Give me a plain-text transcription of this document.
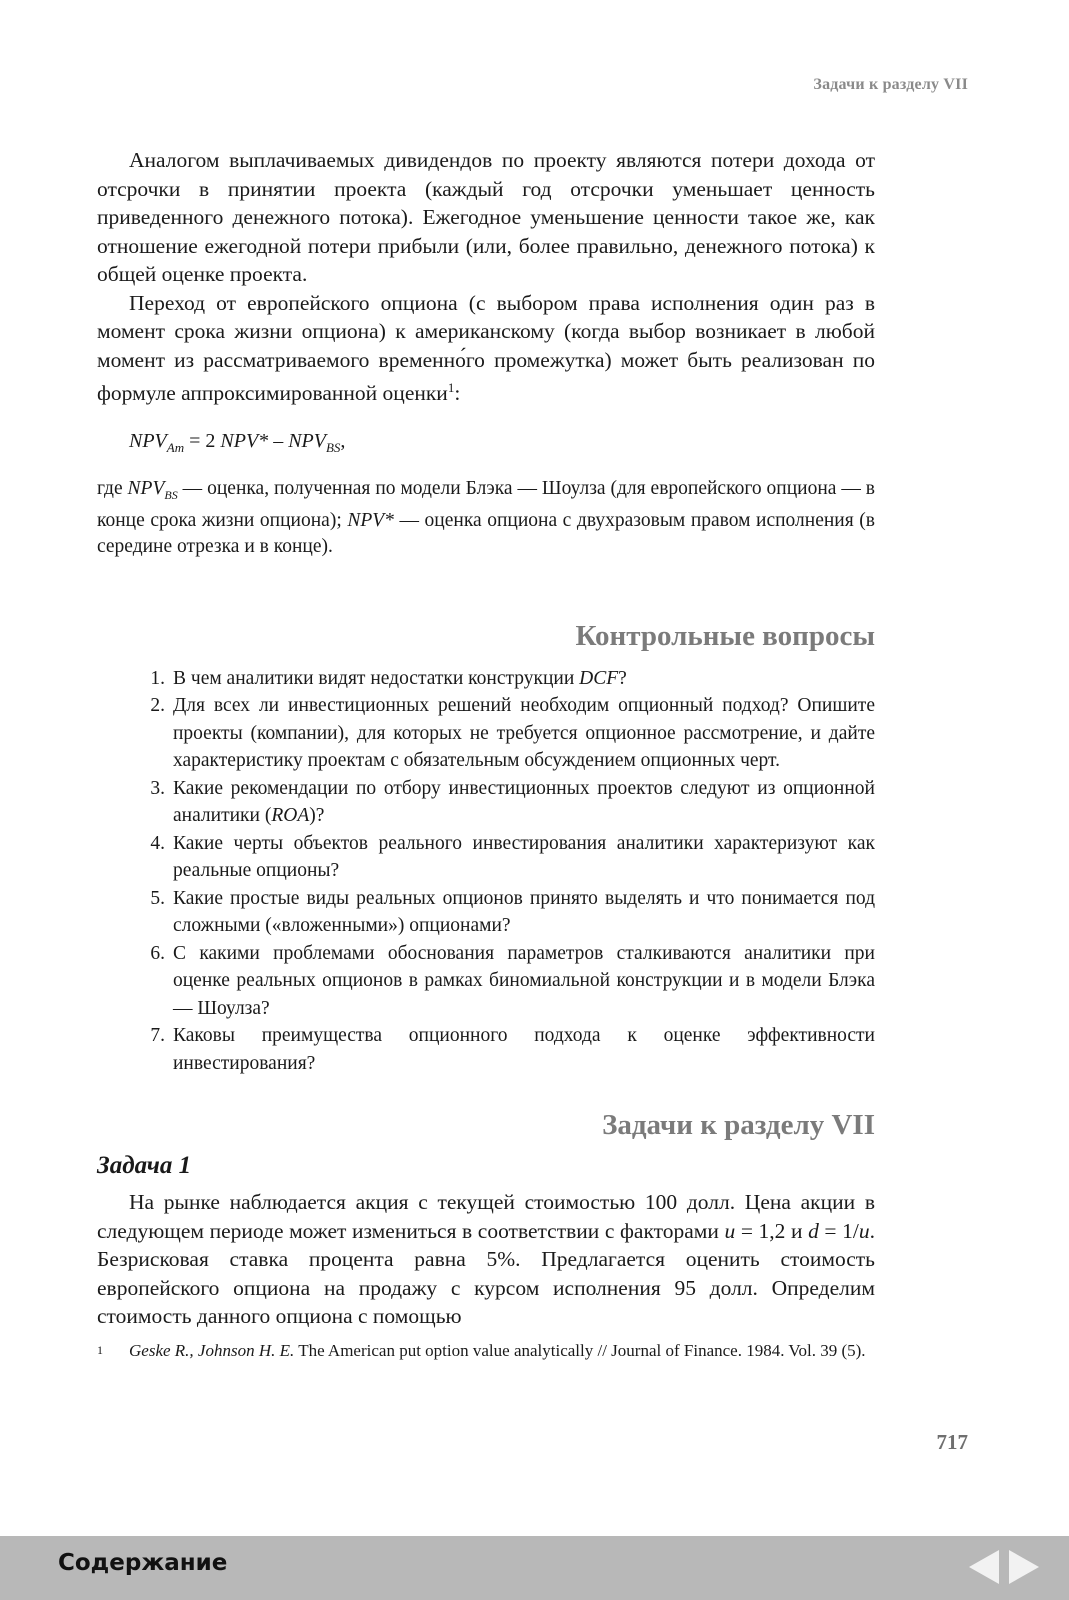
Задачи к разделу VII

Аналогом выплачиваемых дивидендов по проекту являются потери дохода от отсрочки в принятии проекта (каждый год отсрочки уменьшает ценность приведенного денежного потока). Ежегодное уменьшение ценности такое же, как отношение ежегодной потери прибыли (или, более правильно, денежного потока) к общей оценке проекта.

Переход от европейского опциона (с выбором права исполнения один раз в момент срока жизни опциона) к американскому (когда выбор возникает в любой момент из рассматриваемого временно́го промежутка) может быть реализован по формуле аппроксимированной оценки$^1$:

$NPV_{Am} = 2$ $NPV* - NPV_{BS}$,
где $NPV_{BS}$ — оценка, полученная по модели Блэка — Шоулза (для европейского опциона — в конце срока жизни опциона); NPV* — оценка опциона с двухразовым правом исполнения (в середине отрезка и в конце).
Контрольные вопросы
1. В чем аналитики видят недостатки конструкции DCF?
2. Для всех ли инвестиционных решений необходим опционный подход? Опишите проекты (компании), для которых не требуется опционное рассмотрение, и дайте характеристику проектам с обязательным обсуждением опционных черт.
3. Какие рекомендации по отбору инвестиционных проектов следуют из опционной аналитики (ROA)?
4. Какие черты объектов реального инвестирования аналитики характеризуют как реальные опционы?
5. Какие простые виды реальных опционов принято выделять и что понимается под сложными («вложенными») опционами?
6. С какими проблемами обоснования параметров сталкиваются аналитики при оценке реальных опционов в рамках биномиальной конструкции и в модели Блэка — Шоулза?
7. Каковы преимущества опционного подхода к оценке эффективности инвестирования?
Задачи к разделу VII
Задача 1

На рынке наблюдается акция с текущей стоимостью 100 долл. Цена акции в следующем периоде может измениться в соответствии с факторами u = 1,2 и d = 1/u. Безрисковая ставка процента равна 5%. Предлагается оценить стоимость европейского опциона на продажу с курсом исполнения 95 долл. Определим стоимость данного опциона с помощью

1	Geske R., Johnson H. E. The American put option value analytically // Journal of Finance. 1984. Vol. 39 (5).
717
Содержание
